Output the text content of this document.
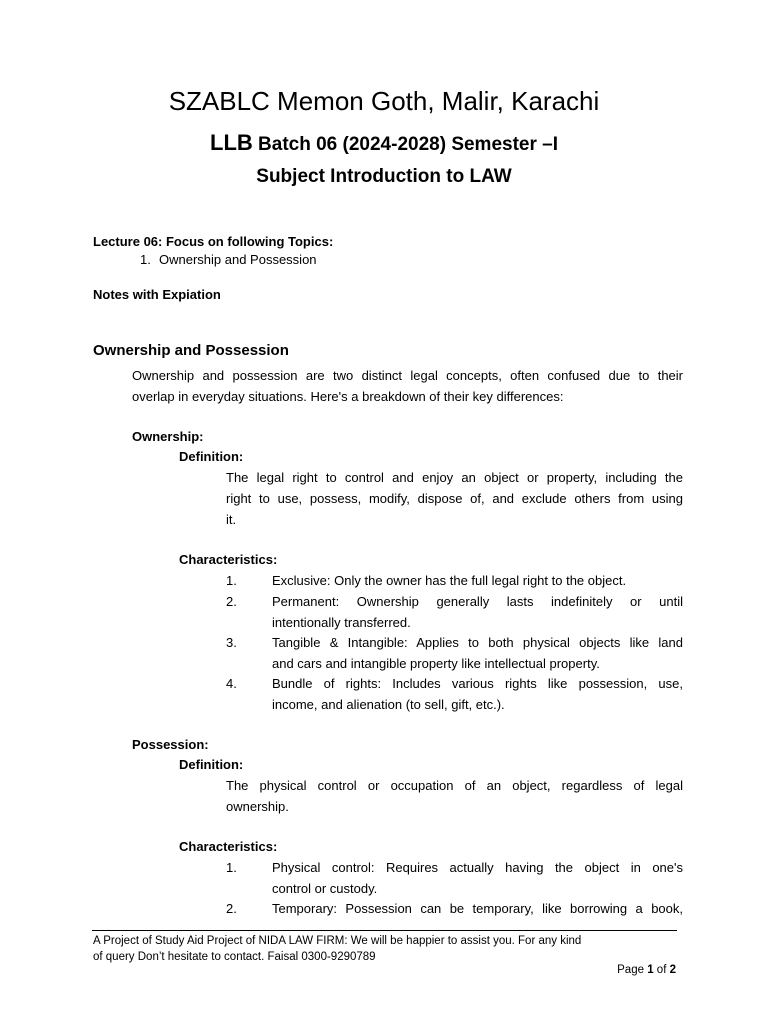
SZABLC Memon Goth, Malir, Karachi
LLB Batch 06 (2024-2028) Semester –I
Subject Introduction to LAW
Lecture 06: Focus on following Topics:
1. Ownership and Possession
Notes with Expiation
Ownership and Possession
Ownership and possession are two distinct legal concepts, often confused due to their
overlap in everyday situations. Here's a breakdown of their key differences:
Ownership:
Definition:
The legal right to control and enjoy an object or property, including the
right to use, possess, modify, dispose of, and exclude others from using
it.
Characteristics:
1.	Exclusive: Only the owner has the full legal right to the object.
2.	Permanent: Ownership generally lasts indefinitely or until
intentionally transferred.
3.	Tangible & Intangible: Applies to both physical objects like land
and cars and intangible property like intellectual property.
4.	Bundle of rights: Includes various rights like possession, use,
income, and alienation (to sell, gift, etc.).
Possession:
Definition:
The physical control or occupation of an object, regardless of legal
ownership.
Characteristics:
1.	Physical control: Requires actually having the object in one's
control or custody.
2.	Temporary: Possession can be temporary, like borrowing a book,
A Project of Study Aid Project of NIDA LAW FIRM: We will be happier to assist you. For any kind
of query Don’t hesitate to contact. Faisal 0300-9290789
Page 1 of 2
